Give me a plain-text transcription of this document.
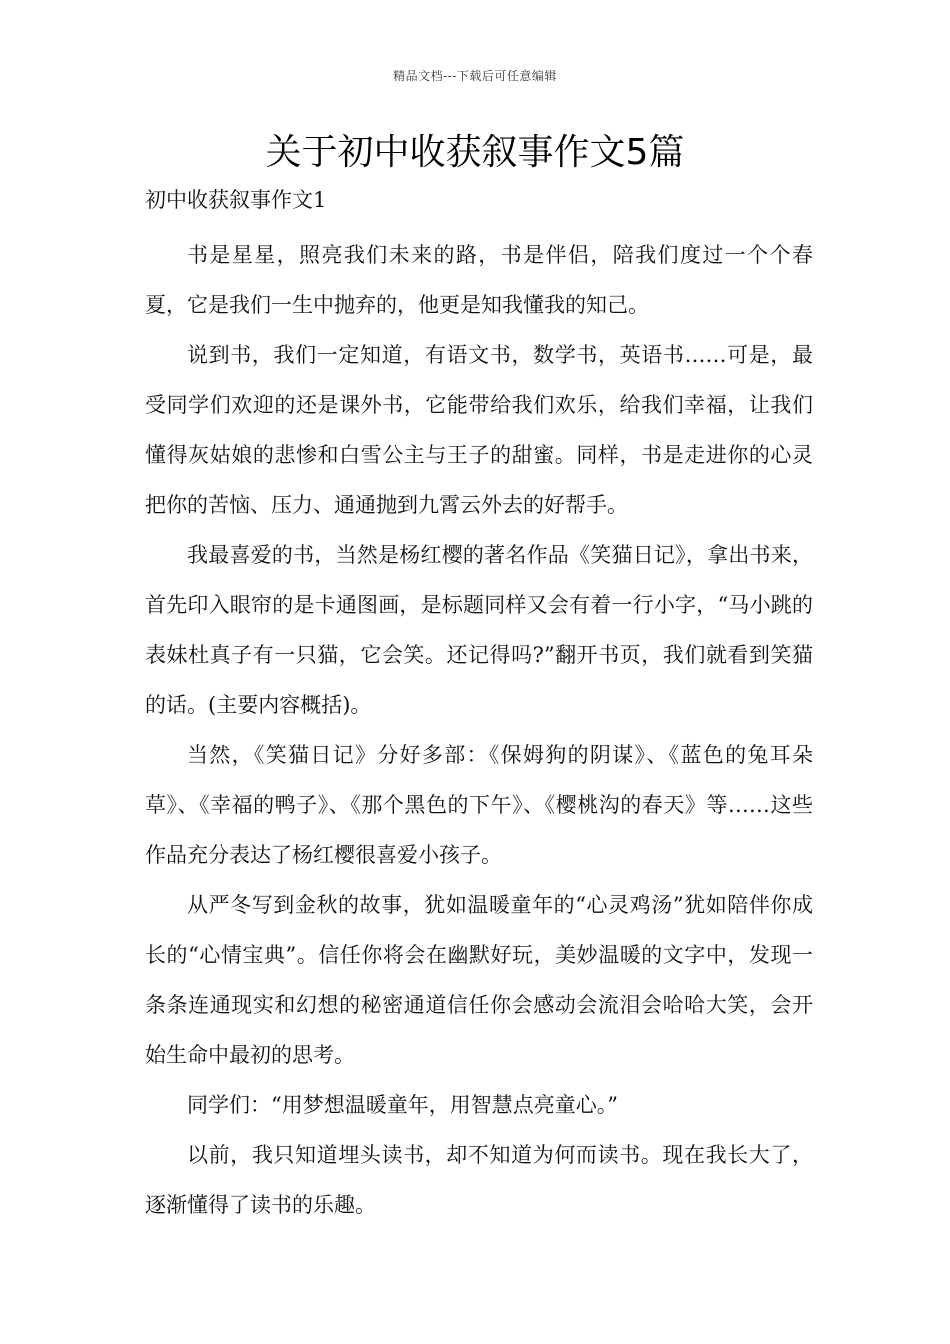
精品文档---下载后可任意编辑
关于初中收获叙事作文5篇
初中收获叙事作文1

书是星星，照亮我们未来的路，书是伴侣，陪我们度过一个个春夏，它是我们一生中抛弃的，他更是知我懂我的知己。

说到书，我们一定知道，有语文书，数学书，英语书……可是，最受同学们欢迎的还是课外书，它能带给我们欢乐，给我们幸福，让我们懂得灰姑娘的悲惨和白雪公主与王子的甜蜜。同样，书是走进你的心灵把你的苦恼、压力、通通抛到九霄云外去的好帮手。

我最喜爱的书，当然是杨红樱的著名作品《笑猫日记》，拿出书来，首先印入眼帘的是卡通图画，是标题同样又会有着一行小字，“马小跳的表妹杜真子有一只猫，它会笑。还记得吗?”翻开书页，我们就看到笑猫的话。(主要内容概括)。

当然，《笑猫日记》分好多部：《保姆狗的阴谋》、《蓝色的兔耳朵草》、《幸福的鸭子》、《那个黑色的下午》、《樱桃沟的春天》等……这些作品充分表达了杨红樱很喜爱小孩子。

从严冬写到金秋的故事，犹如温暖童年的“心灵鸡汤”犹如陪伴你成长的“心情宝典”。信任你将会在幽默好玩，美妙温暖的文字中，发现一条条连通现实和幻想的秘密通道信任你会感动会流泪会哈哈大笑，会开始生命中最初的思考。

同学们：“用梦想温暖童年，用智慧点亮童心。”

以前，我只知道埋头读书，却不知道为何而读书。现在我长大了，逐渐懂得了读书的乐趣。
